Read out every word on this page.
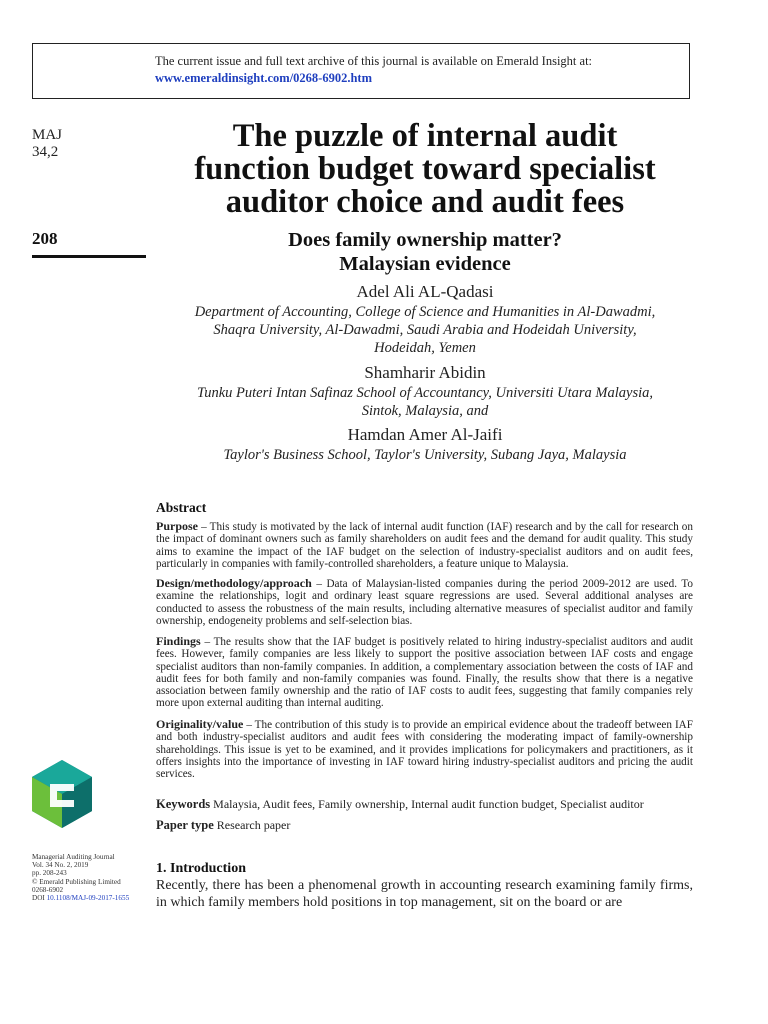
The current issue and full text archive of this journal is available on Emerald Insight at:
www.emeraldinsight.com/0268-6902.htm
MAJ
34,2
208
The puzzle of internal audit
function budget toward specialist
auditor choice and audit fees
Does family ownership matter?
Malaysian evidence
Adel Ali AL-Qadasi
Department of Accounting, College of Science and Humanities in Al-Dawadmi,
Shaqra University, Al-Dawadmi, Saudi Arabia and Hodeidah University,
Hodeidah, Yemen
Shamharir Abidin
Tunku Puteri Intan Safinaz School of Accountancy, Universiti Utara Malaysia,
Sintok, Malaysia, and
Hamdan Amer Al-Jaifi
Taylor's Business School, Taylor's University, Subang Jaya, Malaysia
Abstract
Purpose – This study is motivated by the lack of internal audit function (IAF) research and by the call for research on the impact of dominant owners such as family shareholders on audit fees and the demand for audit quality. This study aims to examine the impact of the IAF budget on the selection of industry-specialist auditors and on audit fees, particularly in companies with family-controlled shareholders, a feature unique to Malaysia.
Design/methodology/approach – Data of Malaysian-listed companies during the period 2009-2012 are used. To examine the relationships, logit and ordinary least square regressions are used. Several additional analyses are conducted to assess the robustness of the main results, including alternative measures of specialist auditor and family ownership, endogeneity problems and self-selection bias.
Findings – The results show that the IAF budget is positively related to hiring industry-specialist auditors and audit fees. However, family companies are less likely to support the positive association between IAF costs and engage specialist auditors than non-family companies. In addition, a complementary association between the costs of IAF and audit fees for both family and non-family companies was found. Finally, the results show that there is a negative association between family ownership and the ratio of IAF costs to audit fees, suggesting that family companies rely more upon external auditing than internal auditing.
Originality/value – The contribution of this study is to provide an empirical evidence about the tradeoff between IAF and both industry-specialist auditors and audit fees with considering the moderating impact of family-ownership shareholdings. This issue is yet to be examined, and it provides implications for policymakers and practitioners, as it offers insights into the importance of investing in IAF toward hiring industry-specialist auditors and pricing the audit services.
Keywords Malaysia, Audit fees, Family ownership, Internal audit function budget, Specialist auditor
Paper type Research paper
Managerial Auditing Journal
Vol. 34 No. 2, 2019
pp. 208-243
© Emerald Publishing Limited
0268-6902
DOI 10.1108/MAJ-09-2017-1655
1. Introduction
Recently, there has been a phenomenal growth in accounting research examining family firms, in which family members hold positions in top management, sit on the board or are
